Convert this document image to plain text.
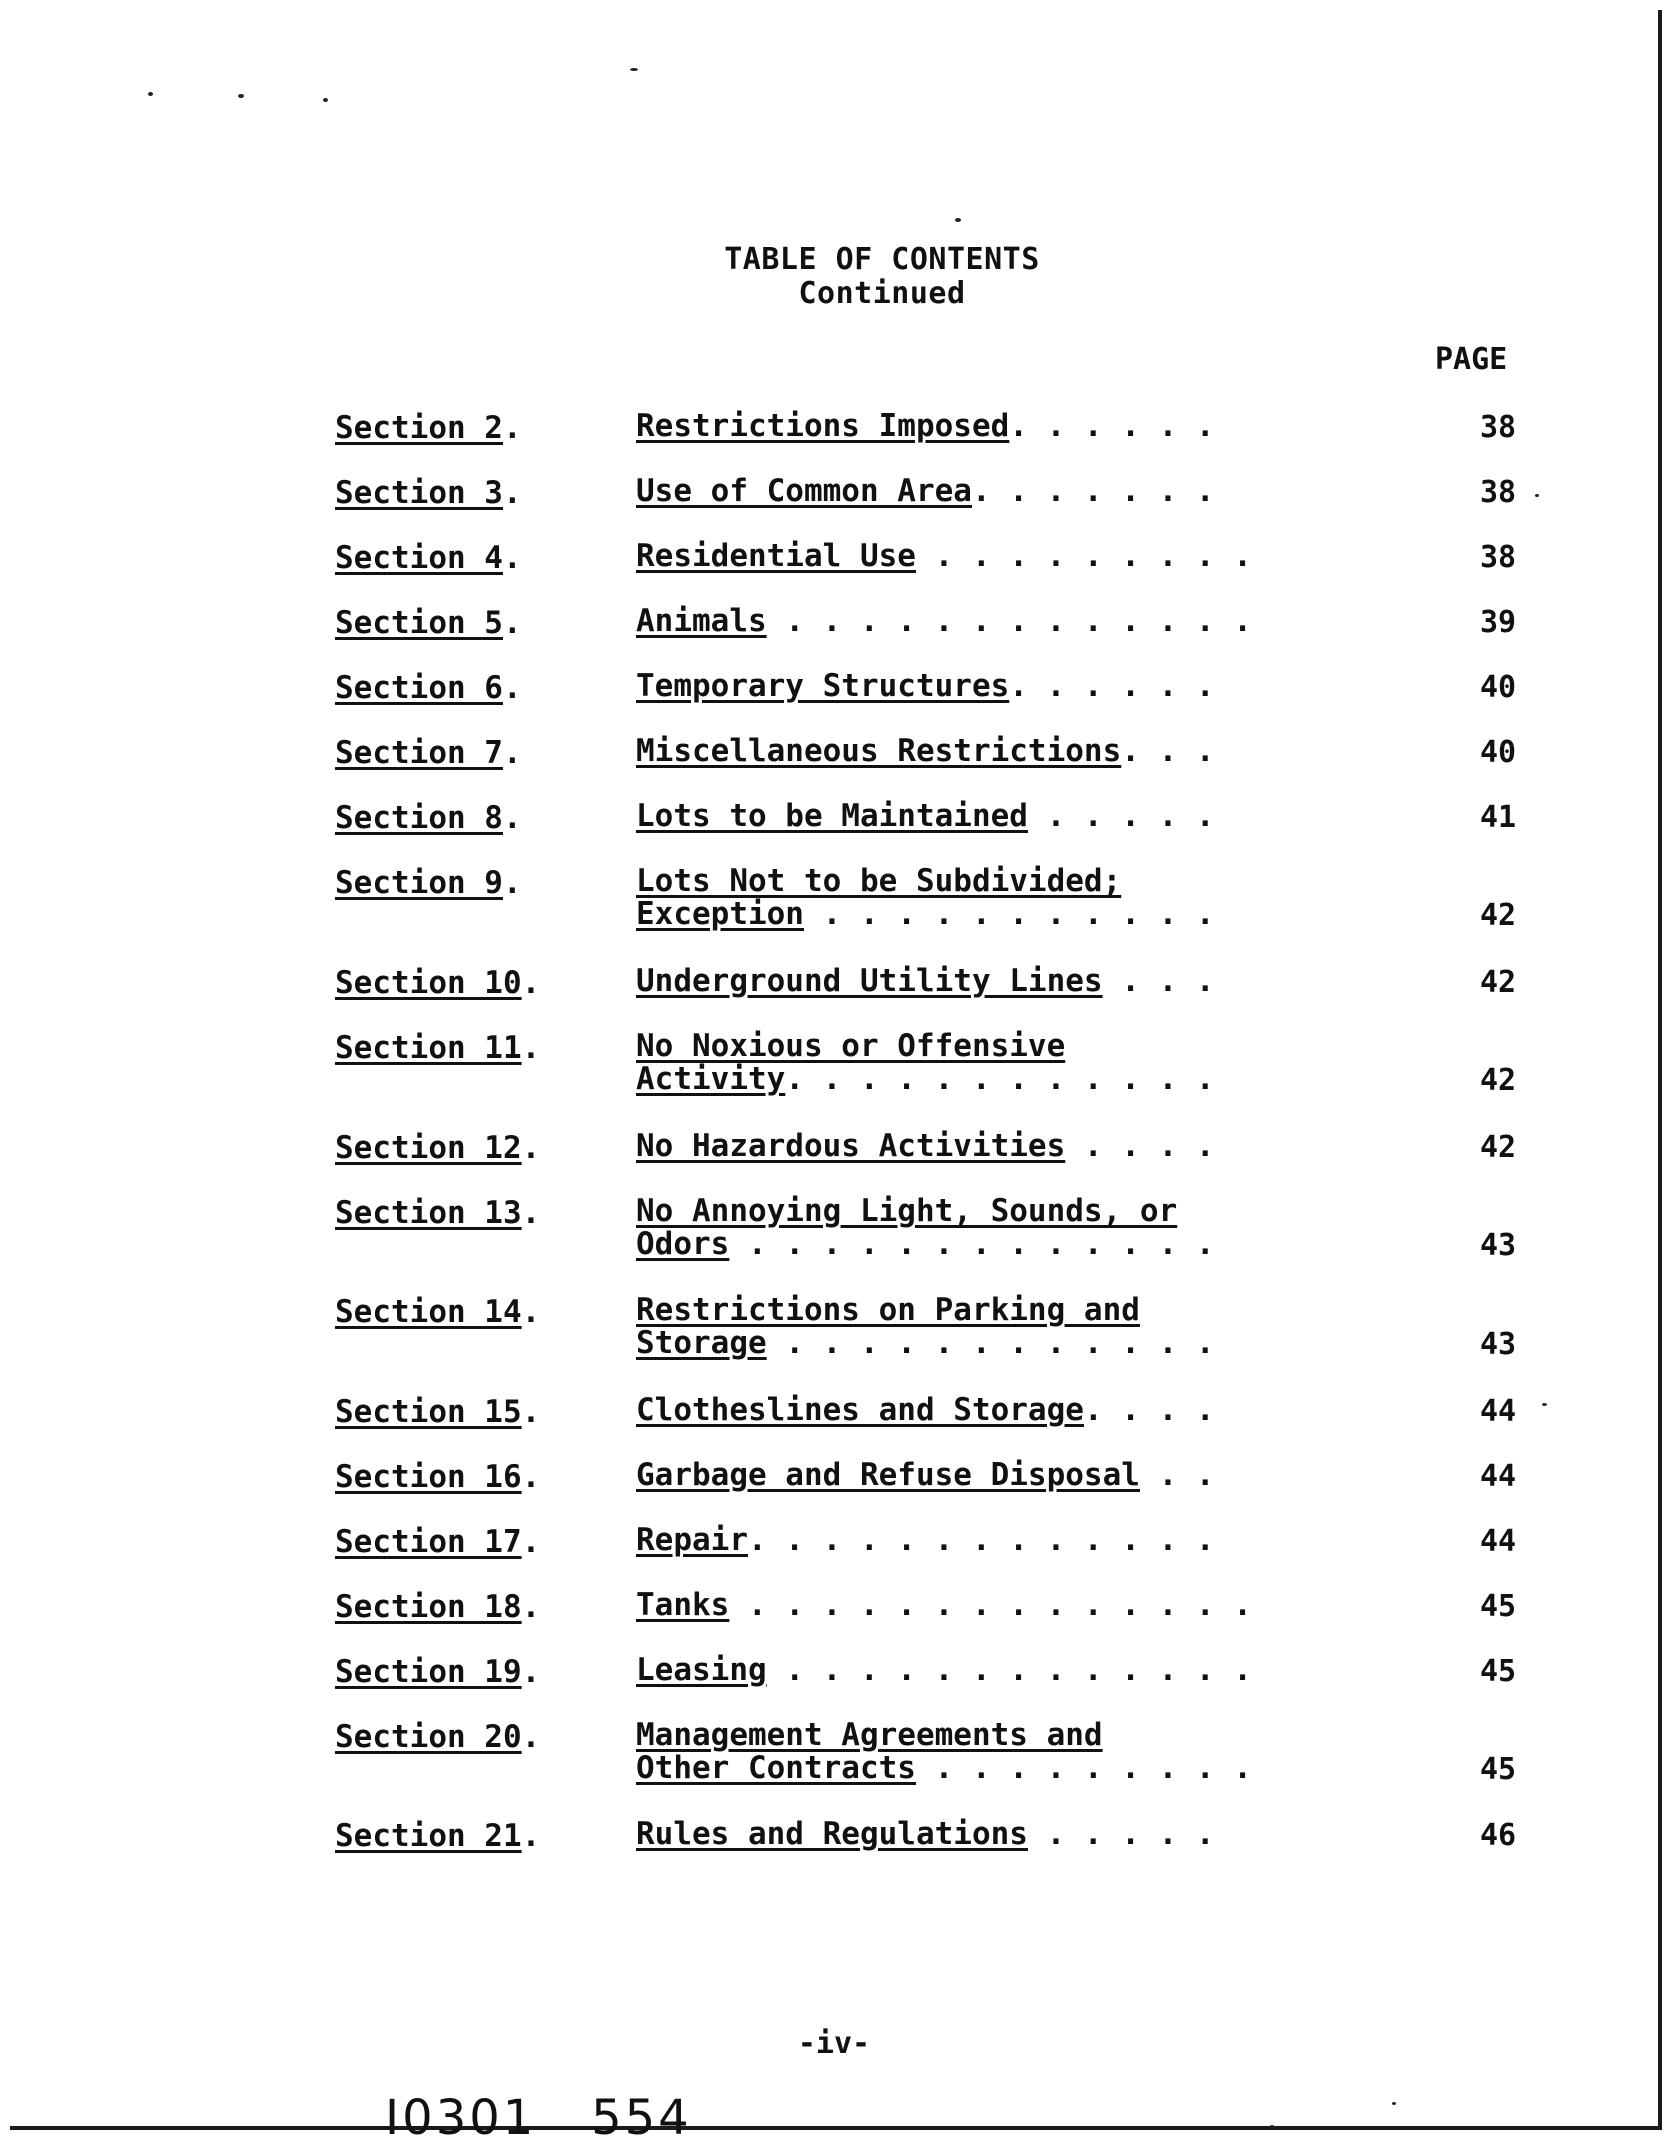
TABLE OF CONTENTS
Continued
PAGE
Section 2.	Restrictions Imposed. . . . . .	38
Section 3.	Use of Common Area. . . . . . .	38
Section 4.	Residential Use . . . . . . . . .	38
Section 5.	Animals . . . . . . . . . . . . .	39
Section 6.	Temporary Structures. . . . . .	40
Section 7.	Miscellaneous Restrictions. . .	40
Section 8.	Lots to be Maintained . . . . .	41
Section 9.	Lots Not to be Subdivided;
Exception . . . . . . . . . . .	42
Section 10.	Underground Utility Lines . . .	42
Section 11.	No Noxious or Offensive
Activity. . . . . . . . . . . .	42
Section 12.	No Hazardous Activities . . . .	42
Section 13.	No Annoying Light, Sounds, or
Odors . . . . . . . . . . . . .	43
Section 14.	Restrictions on Parking and
Storage . . . . . . . . . . . .	43
Section 15.	Clotheslines and Storage. . . .	44
Section 16.	Garbage and Refuse Disposal . .	44
Section 17.	Repair. . . . . . . . . . . . .	44
Section 18.	Tanks . . . . . . . . . . . . . .	45
Section 19.	Leasing . . . . . . . . . . . . .	45
Section 20.	Management Agreements and
Other Contracts . . . . . . . . .	45
Section 21.	Rules and Regulations . . . . .	46
-iv-
I0301   554
